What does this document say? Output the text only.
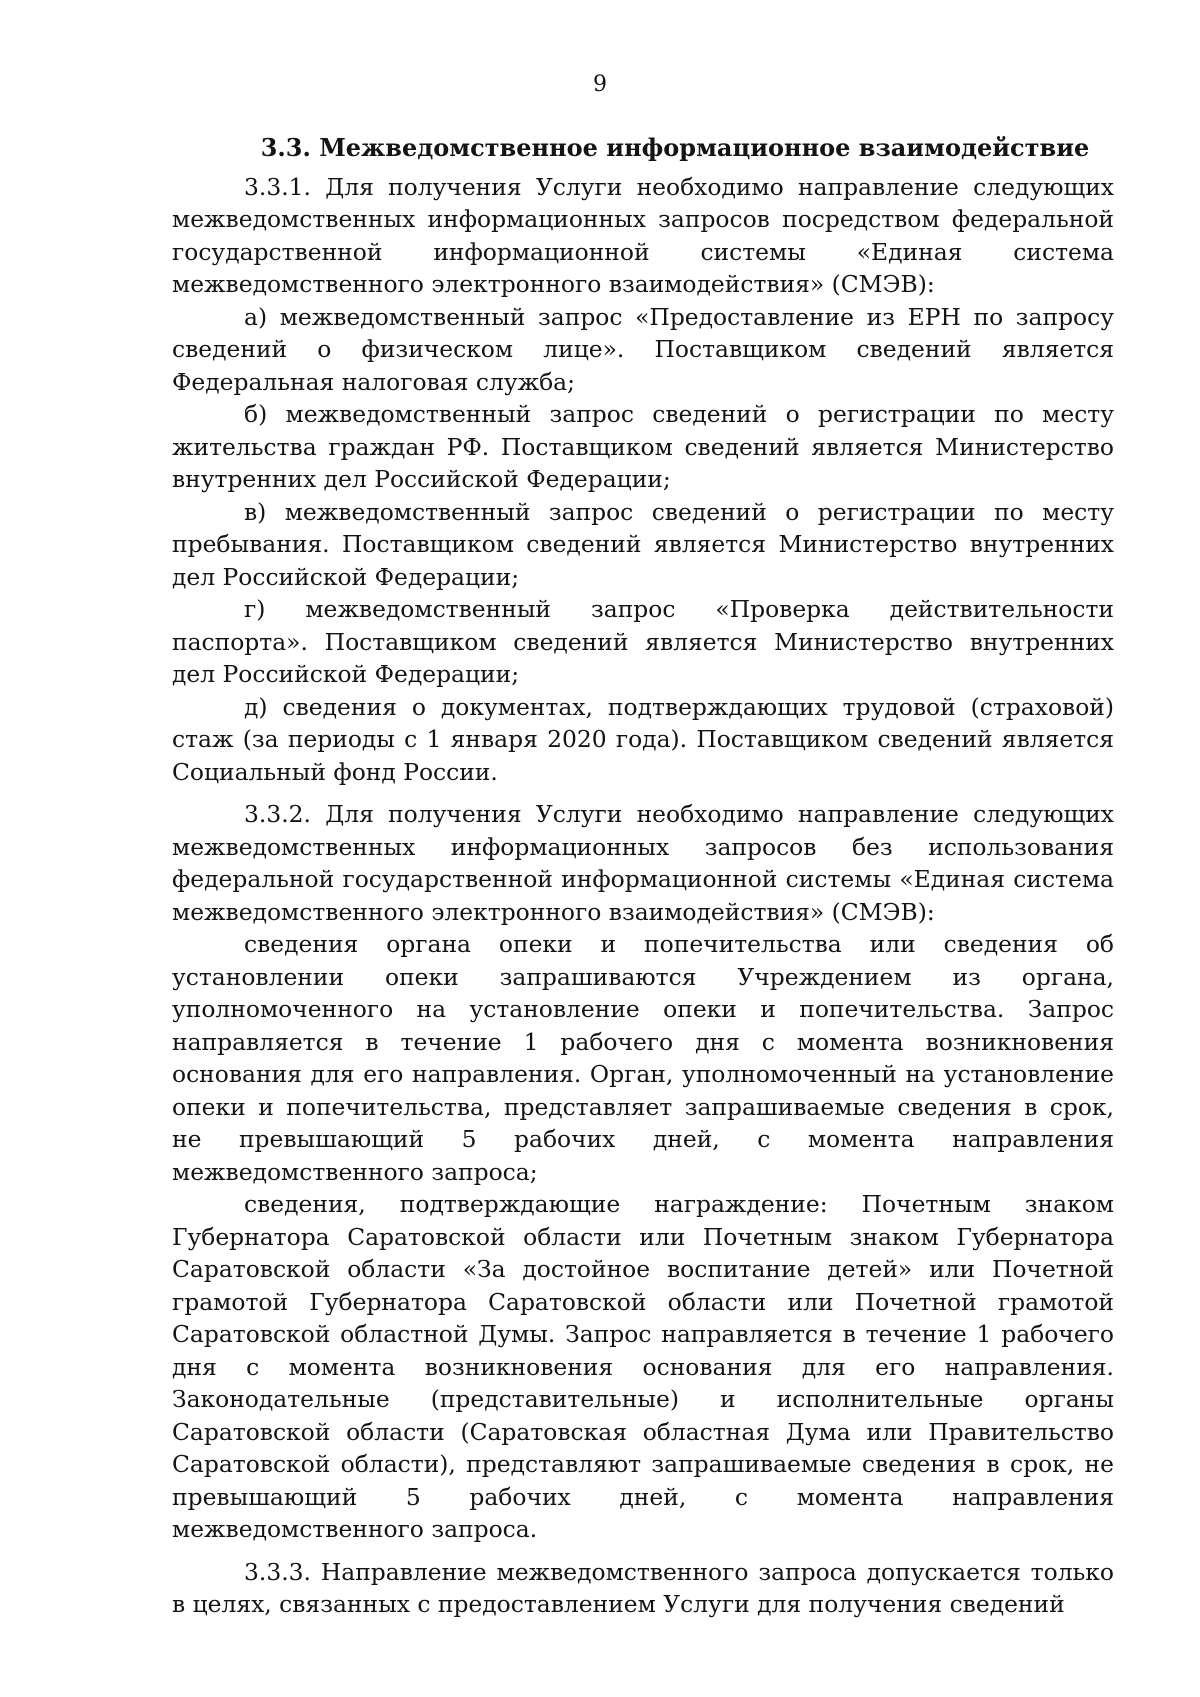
9
3.3. Межведомственное информационное взаимодействие

3.3.1. Для получения Услуги необходимо направление следующих межведомственных информационных запросов посредством федеральной государственной информационной системы «Единая система межведомственного электронного взаимодействия» (СМЭВ):

а) межведомственный запрос «Предоставление из ЕРН по запросу сведений о физическом лице». Поставщиком сведений является Федеральная налоговая служба;

б) межведомственный запрос сведений о регистрации по месту жительства граждан РФ. Поставщиком сведений является Министерство внутренних дел Российской Федерации;

в) межведомственный запрос сведений о регистрации по месту пребывания. Поставщиком сведений является Министерство внутренних дел Российской Федерации;

г) межведомственный запрос «Проверка действительности паспорта». Поставщиком сведений является Министерство внутренних дел Российской Федерации;

д) сведения о документах, подтверждающих трудовой (страховой) стаж (за периоды с 1 января 2020 года). Поставщиком сведений является Социальный фонд России.

3.3.2. Для получения Услуги необходимо направление следующих межведомственных информационных запросов без использования федеральной государственной информационной системы «Единая система межведомственного электронного взаимодействия» (СМЭВ):

сведения органа опеки и попечительства или сведения об установлении опеки запрашиваются Учреждением из органа, уполномоченного на установление опеки и попечительства. Запрос направляется в течение 1 рабочего дня с момента возникновения основания для его направления. Орган, уполномоченный на установление опеки и попечительства, представляет запрашиваемые сведения в срок, не превышающий 5 рабочих дней, с момента направления межведомственного запроса;

сведения, подтверждающие награждение: Почетным знаком Губернатора Саратовской области или Почетным знаком Губернатора Саратовской области «За достойное воспитание детей» или Почетной грамотой Губернатора Саратовской области или Почетной грамотой Саратовской областной Думы. Запрос направляется в течение 1 рабочего дня с момента возникновения основания для его направления. Законодательные (представительные) и исполнительные органы Саратовской области (Саратовская областная Дума или Правительство Саратовской области), представляют запрашиваемые сведения в срок, не превышающий 5 рабочих дней, с момента направления межведомственного запроса.

3.3.3. Направление межведомственного запроса допускается только в целях, связанных с предоставлением Услуги для получения сведений
